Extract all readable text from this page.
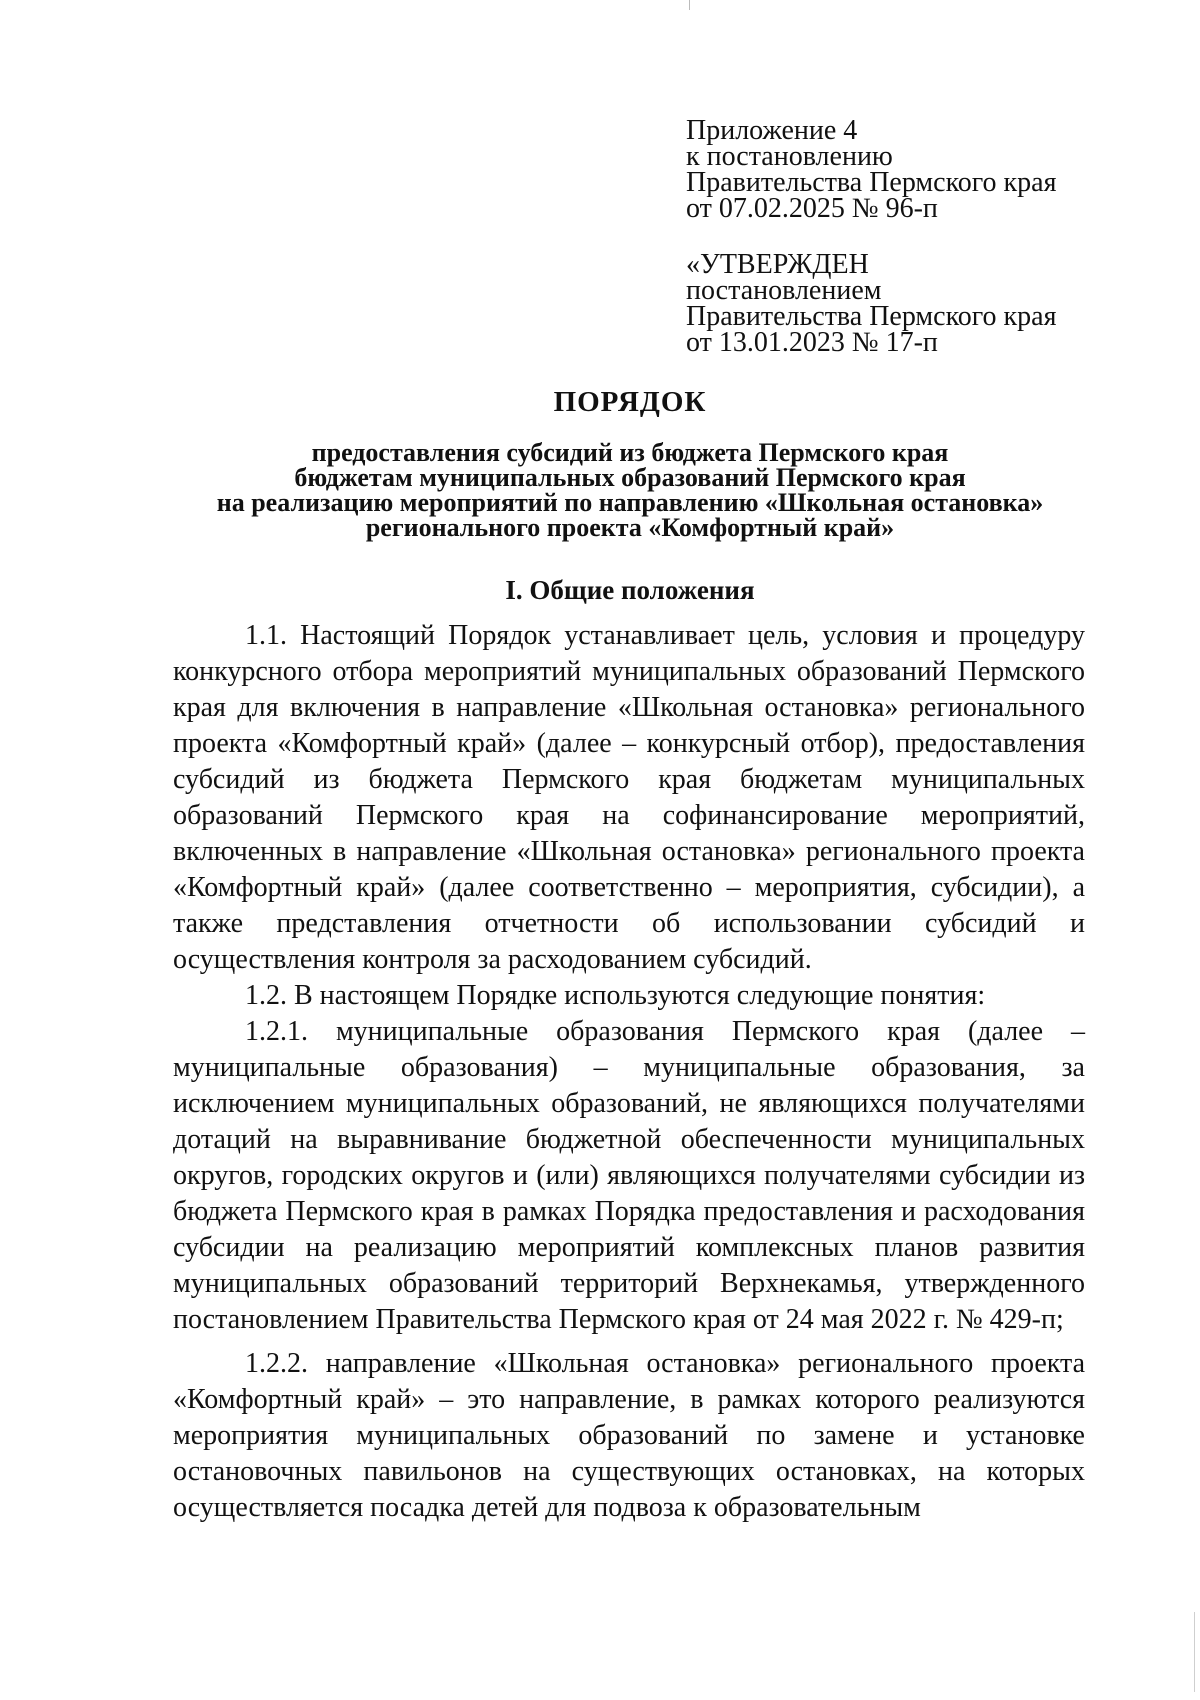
Приложение 4
к постановлению
Правительства Пермского края
от 07.02.2025 № 96-п
«УТВЕРЖДЕН
постановлением
Правительства Пермского края
от 13.01.2023 № 17-п
ПОРЯДОК
предоставления субсидий из бюджета Пермского края
бюджетам муниципальных образований Пермского края
на реализацию мероприятий по направлению «Школьная остановка»
регионального проекта «Комфортный край»
I. Общие положения

1.1. Настоящий Порядок устанавливает цель, условия и процедуру конкурсного отбора мероприятий муниципальных образований Пермского края для включения в направление «Школьная остановка» регионального проекта «Комфортный край» (далее – конкурсный отбор), предоставления субсидий из бюджета Пермского края бюджетам муниципальных образований Пермского края на софинансирование мероприятий, включенных в направление «Школьная остановка» регионального проекта «Комфортный край» (далее соответственно – мероприятия, субсидии), а также представления отчетности об использовании субсидий и осуществления контроля за расходованием субсидий.

1.2. В настоящем Порядке используются следующие понятия:

1.2.1. муниципальные образования Пермского края (далее – муниципальные образования) – муниципальные образования, за исключением муниципальных образований, не являющихся получателями дотаций на выравнивание бюджетной обеспеченности муниципальных округов, городских округов и (или) являющихся получателями субсидии из бюджета Пермского края в рамках Порядка предоставления и расходования субсидии на реализацию мероприятий комплексных планов развития муниципальных образований территорий Верхнекамья, утвержденного постановлением Правительства Пермского края от 24 мая 2022 г. № 429-п;

1.2.2. направление «Школьная остановка» регионального проекта «Комфортный край» – это направление, в рамках которого реализуются мероприятия муниципальных образований по замене и установке остановочных павильонов на существующих остановках, на которых осуществляется посадка детей для подвоза к образовательным
